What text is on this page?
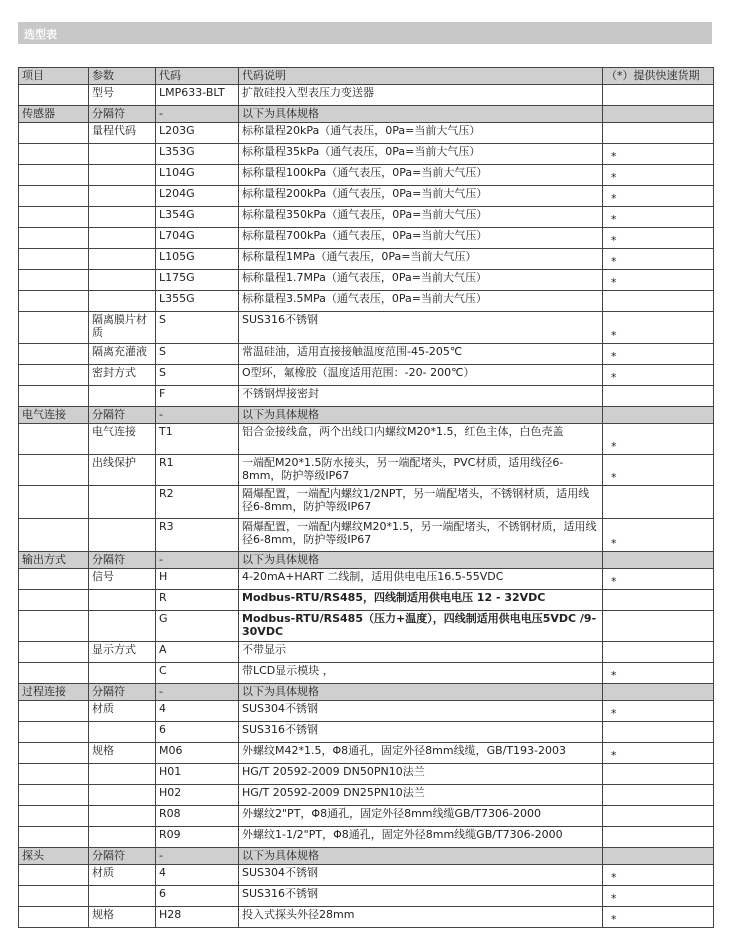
选型表
项目	参数	代码	代码说明	（*）提供快速货期
	型号	LMP633-BLT	扩散硅投入型表压力变送器	
传感器	分隔符	-	以下为具体规格	
	量程代码	L203G	标称量程20kPa（通气表压，0Pa=当前大气压）	
		L353G	标称量程35kPa（通气表压，0Pa=当前大气压）	*
		L104G	标称量程100kPa（通气表压，0Pa=当前大气压）	*
		L204G	标称量程200kPa（通气表压，0Pa=当前大气压）	*
		L354G	标称量程350kPa（通气表压，0Pa=当前大气压）	*
		L704G	标称量程700kPa（通气表压，0Pa=当前大气压）	*
		L105G	标称量程1MPa（通气表压，0Pa=当前大气压）	*
		L175G	标称量程1.7MPa（通气表压，0Pa=当前大气压）	*
		L355G	标称量程3.5MPa（通气表压，0Pa=当前大气压）	
	隔离膜片材质	S	SUS316不锈钢	*
	隔离充灌液	S	常温硅油，适用直接接触温度范围-45-205℃	*
	密封方式	S	O型环，氟橡胶（温度适用范围：-20- 200℃）	*
		F	不锈钢焊接密封	
电气连接	分隔符	-	以下为具体规格	
	电气连接	T1	铝合金接线盒，两个出线口内螺纹M20*1.5，红色主体，白色壳盖	*
	出线保护	R1	一端配M20*1.5防水接头，另一端配堵头，PVC材质，适用线径6-8mm，防护等级IP67	*
		R2	隔爆配置，一端配内螺纹1/2NPT，另一端配堵头，不锈钢材质，适用线径6-8mm，防护等级IP67	
		R3	隔爆配置，一端配内螺纹M20*1.5，另一端配堵头，不锈钢材质，适用线径6-8mm，防护等级IP67	*
输出方式	分隔符	-	以下为具体规格	
	信号	H	4-20mA+HART 二线制，适用供电电压16.5-55VDC	*
		R	Modbus-RTU/RS485，四线制适用供电电压 12 - 32VDC	
		G	Modbus-RTU/RS485（压力+温度），四线制适用供电电压5VDC /9-30VDC	
	显示方式	A	不带显示	
		C	带LCD显示模块 ，	*
过程连接	分隔符	-	以下为具体规格	
	材质	4	SUS304不锈钢	*
		6	SUS316不锈钢	
	规格	M06	外螺纹M42*1.5，Φ8通孔，固定外径8mm线缆，GB/T193-2003	*
		H01	HG/T 20592-2009 DN50PN10法兰	
		H02	HG/T 20592-2009 DN25PN10法兰	
		R08	外螺纹2"PT，Φ8通孔，固定外径8mm线缆GB/T7306-2000	
		R09	外螺纹1-1/2"PT，Φ8通孔，固定外径8mm线缆GB/T7306-2000	
探头	分隔符	-	以下为具体规格	
	材质	4	SUS304不锈钢	*
		6	SUS316不锈钢	*
	规格	H28	投入式探头外径28mm	*
